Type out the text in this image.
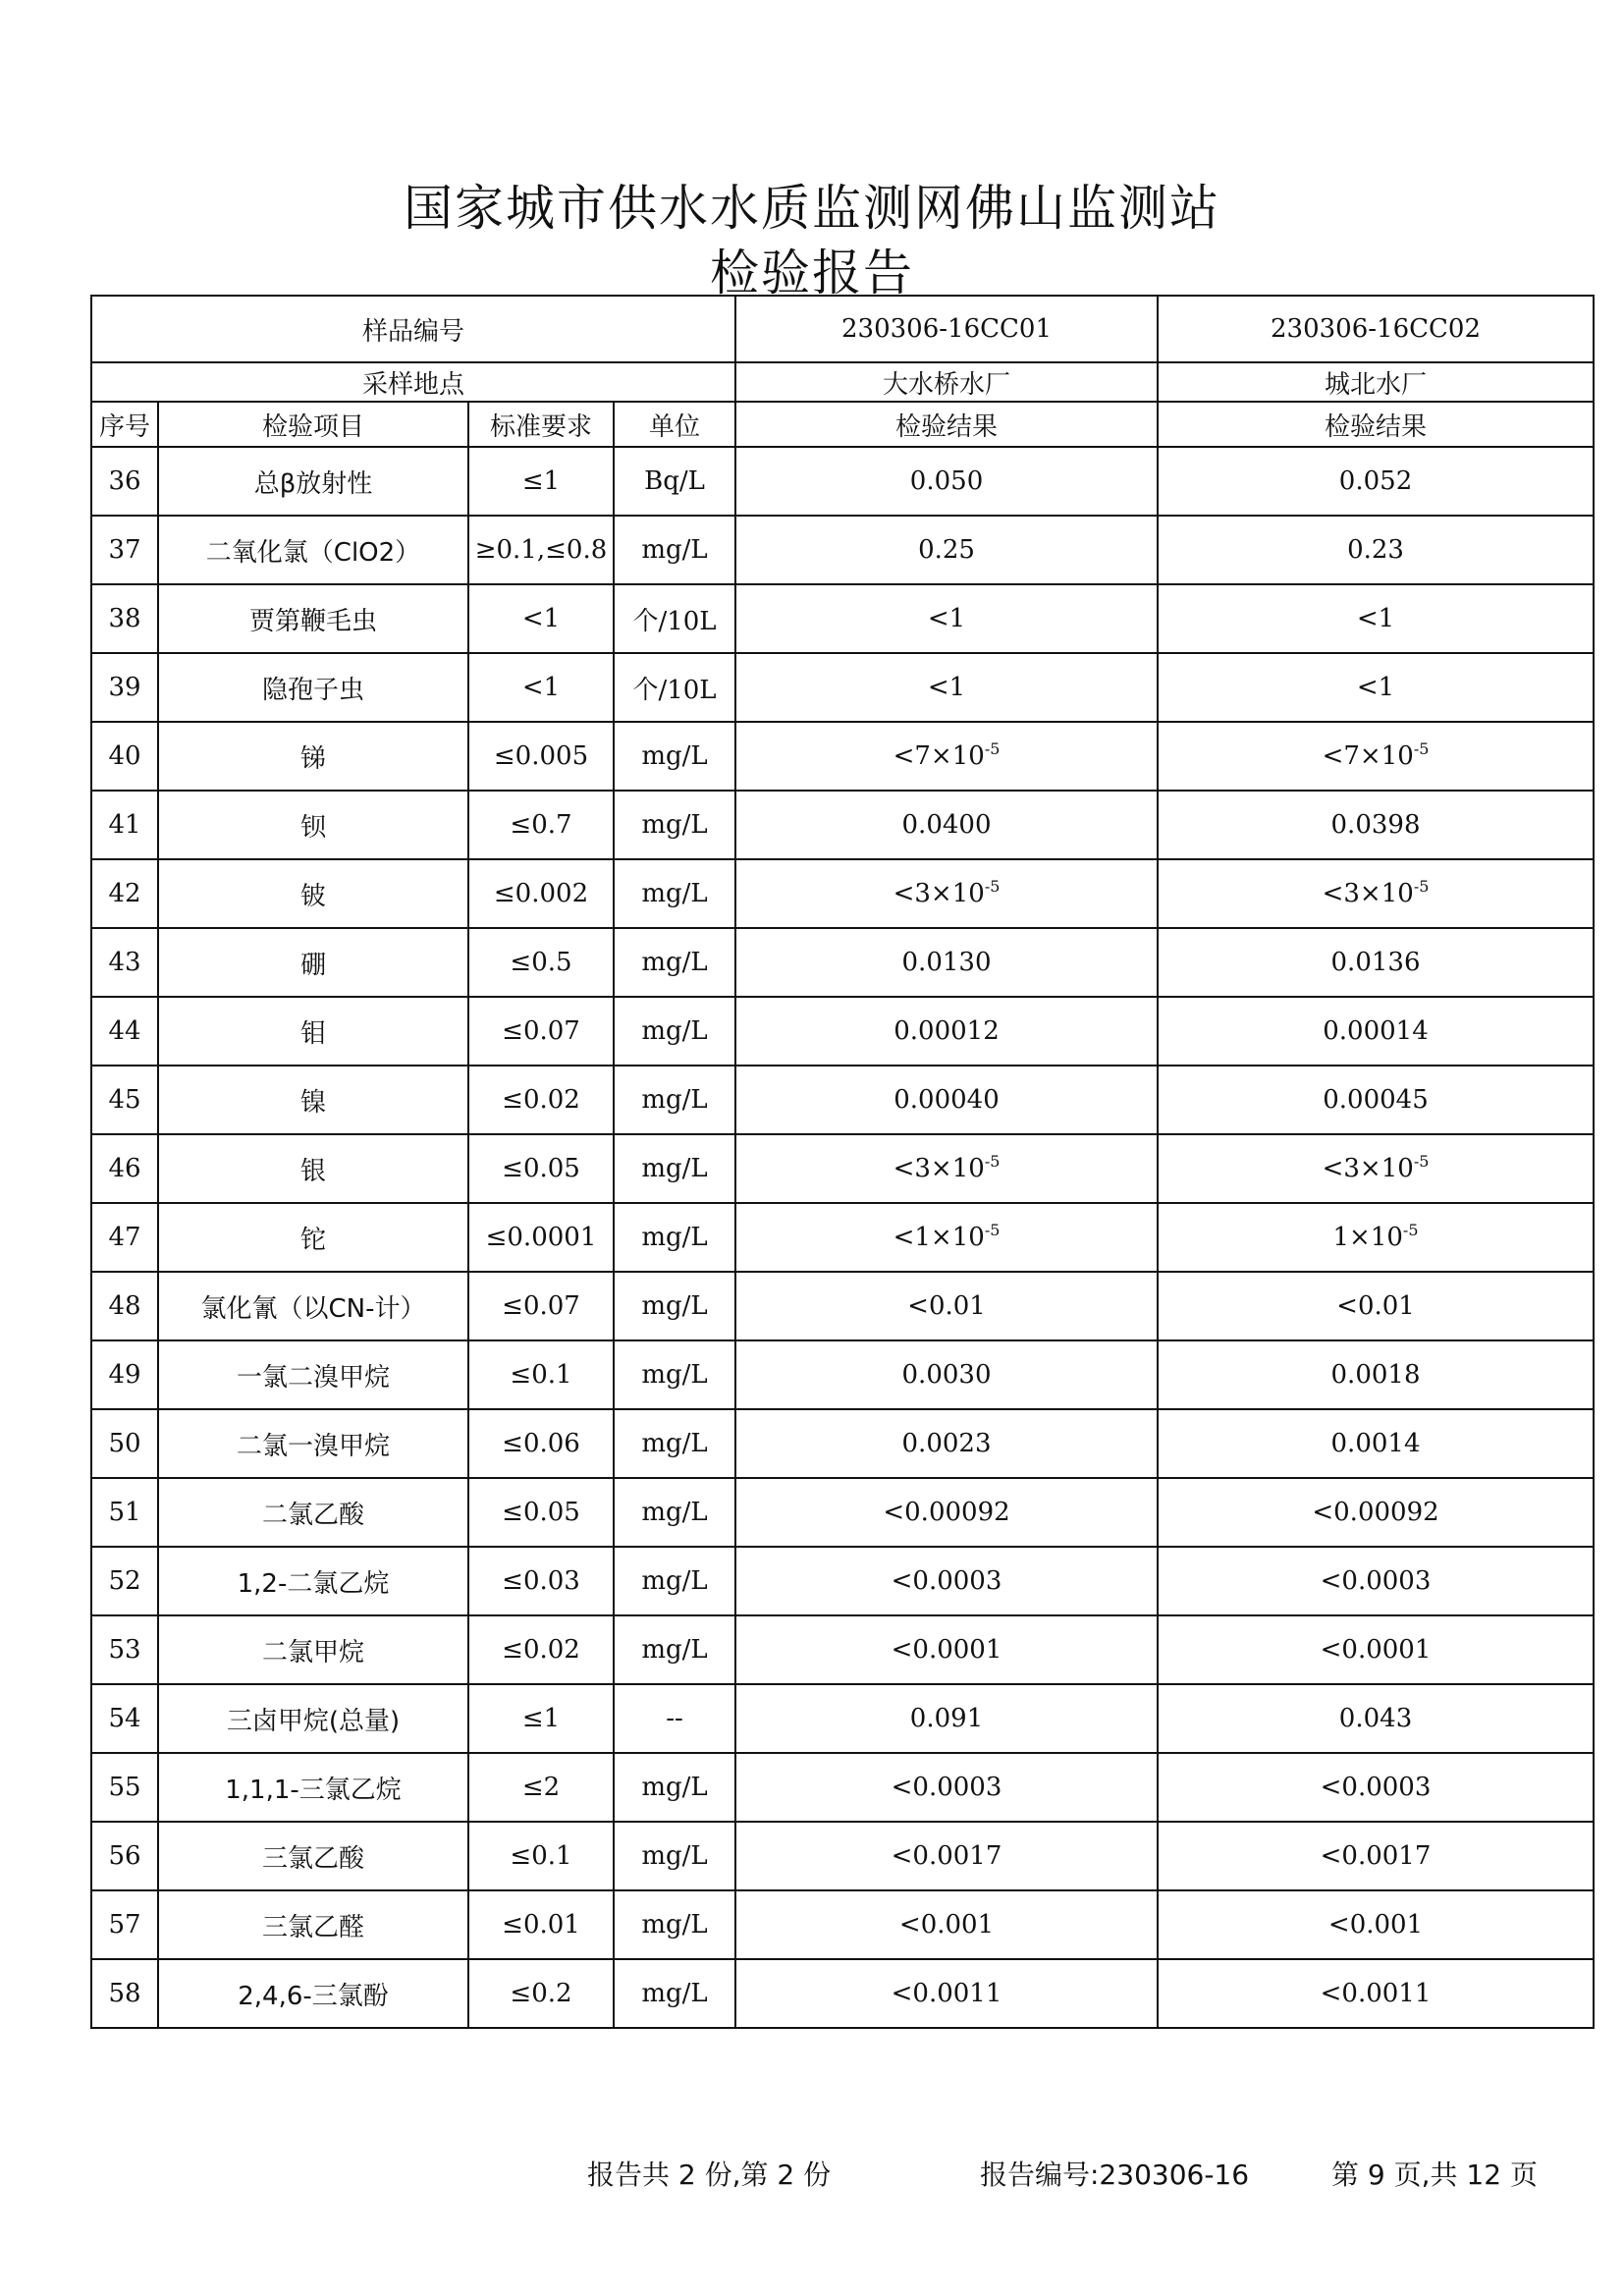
国家城市供水水质监测网佛山监测站
检验报告
样品编号				230306-16CC01	230306-16CC02
采样地点				大水桥水厂	城北水厂
序号	检验项目	标准要求	单位	检验结果	检验结果
36	总β放射性	≤1	Bq/L	0.050	0.052
37	二氧化氯（ClO2）	≥0.1,≤0.8	mg/L	0.25	0.23
38	贾第鞭毛虫	<1	个/10L	<1	<1
39	隐孢子虫	<1	个/10L	<1	<1
40	锑	≤0.005	mg/L	$<7\times 10^{-5}$	$<7\times 10^{-5}$
41	钡	≤0.7	mg/L	0.0400	0.0398
42	铍	≤0.002	mg/L	$<3\times 10^{-5}$	$<3\times 10^{-5}$
43	硼	≤0.5	mg/L	0.0130	0.0136
44	钼	≤0.07	mg/L	0.00012	0.00014
45	镍	≤0.02	mg/L	0.00040	0.00045
46	银	≤0.05	mg/L	$<3\times 10^{-5}$	$<3\times 10^{-5}$
47	铊	≤0.0001	mg/L	$<1\times 10^{-5}$	$1\times 10^{-5}$
48	氯化氰（以CN-计）	≤0.07	mg/L	<0.01	<0.01
49	一氯二溴甲烷	≤0.1	mg/L	0.0030	0.0018
50	二氯一溴甲烷	≤0.06	mg/L	0.0023	0.0014
51	二氯乙酸	≤0.05	mg/L	<0.00092	<0.00092
52	1,2-二氯乙烷	≤0.03	mg/L	<0.0003	<0.0003
53	二氯甲烷	≤0.02	mg/L	<0.0001	<0.0001
54	三卤甲烷(总量)	≤1	--	0.091	0.043
55	1,1,1-三氯乙烷	≤2	mg/L	<0.0003	<0.0003
56	三氯乙酸	≤0.1	mg/L	<0.0017	<0.0017
57	三氯乙醛	≤0.01	mg/L	<0.001	<0.001
58	2,4,6-三氯酚	≤0.2	mg/L	<0.0011	<0.0011
报告共 2 份,第 2 份	报告编号:230306-16	第 9 页,共 12 页
